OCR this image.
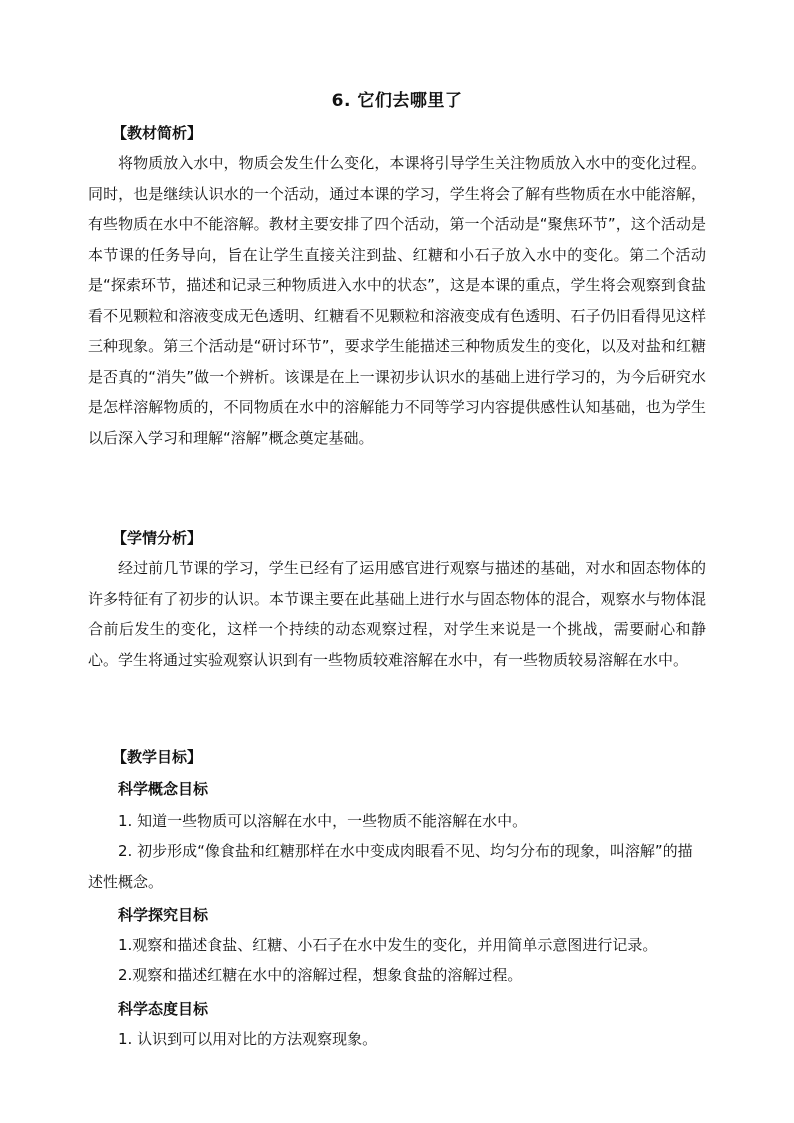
6. 它们去哪里了
【教材简析】

将物质放入水中，物质会发生什么变化，本课将引导学生关注物质放入水中的变化过程。同时，也是继续认识水的一个活动，通过本课的学习，学生将会了解有些物质在水中能溶解，有些物质在水中不能溶解。教材主要安排了四个活动，第一个活动是“聚焦环节”，这个活动是本节课的任务导向，旨在让学生直接关注到盐、红糖和小石子放入水中的变化。第二个活动是“探索环节，描述和记录三种物质进入水中的状态”，这是本课的重点，学生将会观察到食盐看不见颗粒和溶液变成无色透明、红糖看不见颗粒和溶液变成有色透明、石子仍旧看得见这样三种现象。第三个活动是“研讨环节”，要求学生能描述三种物质发生的变化，以及对盐和红糖是否真的“消失”做一个辨析。该课是在上一课初步认识水的基础上进行学习的，为今后研究水是怎样溶解物质的，不同物质在水中的溶解能力不同等学习内容提供感性认知基础，也为学生以后深入学习和理解“溶解”概念奠定基础。

【学情分析】

经过前几节课的学习，学生已经有了运用感官进行观察与描述的基础，对水和固态物体的许多特征有了初步的认识。本节课主要在此基础上进行水与固态物体的混合，观察水与物体混合前后发生的变化，这样一个持续的动态观察过程，对学生来说是一个挑战，需要耐心和静心。学生将通过实验观察认识到有一些物质较难溶解在水中，有一些物质较易溶解在水中。

【教学目标】
科学概念目标
1. 知道一些物质可以溶解在水中，一些物质不能溶解在水中。

2. 初步形成“像食盐和红糖那样在水中变成肉眼看不见、均匀分布的现象，叫溶解”的描述性概念。

科学探究目标
1.观察和描述食盐、红糖、小石子在水中发生的变化，并用简单示意图进行记录。
2.观察和描述红糖在水中的溶解过程，想象食盐的溶解过程。
科学态度目标
1. 认识到可以用对比的方法观察现象。
